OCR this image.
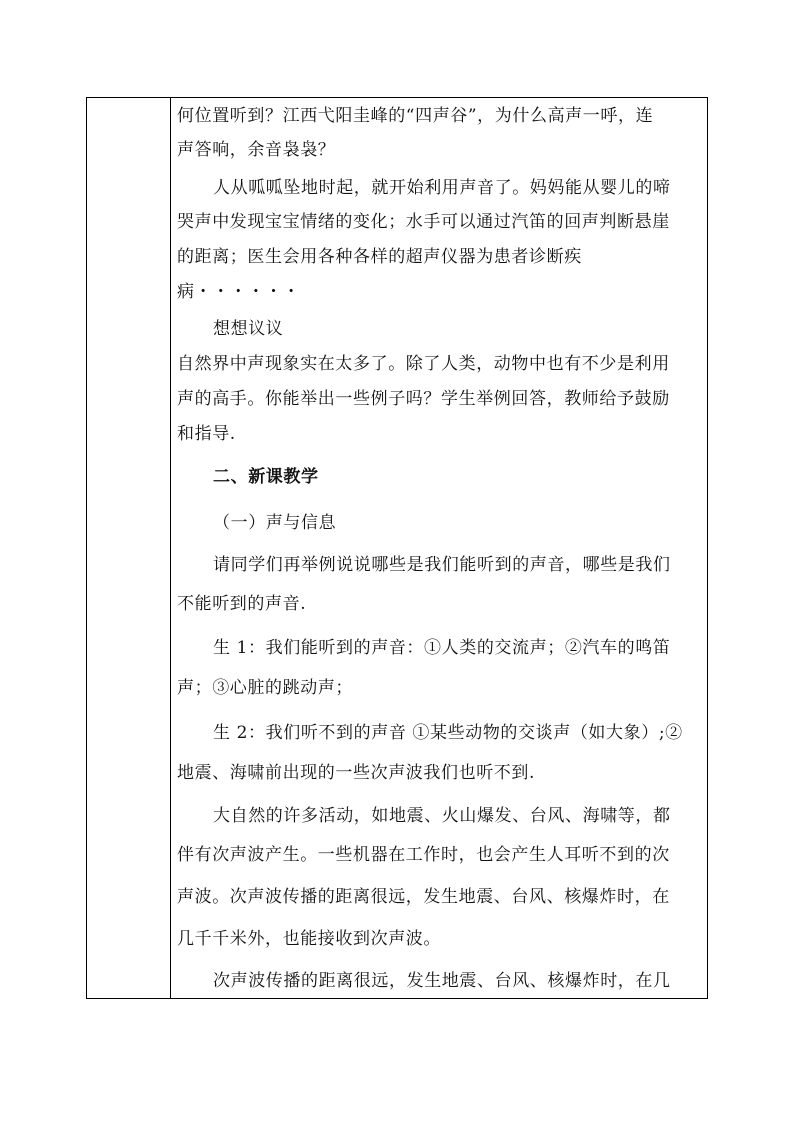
何位置听到？江西弋阳圭峰的“四声谷”，为什么高声一呼，连
声答响，余音袅袅？
人从呱呱坠地时起，就开始利用声音了。妈妈能从婴儿的啼
哭声中发现宝宝情绪的变化；水手可以通过汽笛的回声判断悬崖
的距离；医生会用各种各样的超声仪器为患者诊断疾
病・・・・・・
想想议议
自然界中声现象实在太多了。除了人类，动物中也有不少是利用
声的高手。你能举出一些例子吗？学生举例回答，教师给予鼓励
和指导.
二、新课教学
（一）声与信息
请同学们再举例说说哪些是我们能听到的声音，哪些是我们
不能听到的声音.
生 1：我们能听到的声音：①人类的交流声；②汽车的鸣笛
声；③心脏的跳动声；
生 2：我们听不到的声音 ①某些动物的交谈声（如大象）;②
地震、海啸前出现的一些次声波我们也听不到.
大自然的许多活动，如地震、火山爆发、台风、海啸等，都
伴有次声波产生。一些机器在工作时，也会产生人耳听不到的次
声波。次声波传播的距离很远，发生地震、台风、核爆炸时，在
几千千米外，也能接收到次声波。
次声波传播的距离很远，发生地震、台风、核爆炸时，在几
